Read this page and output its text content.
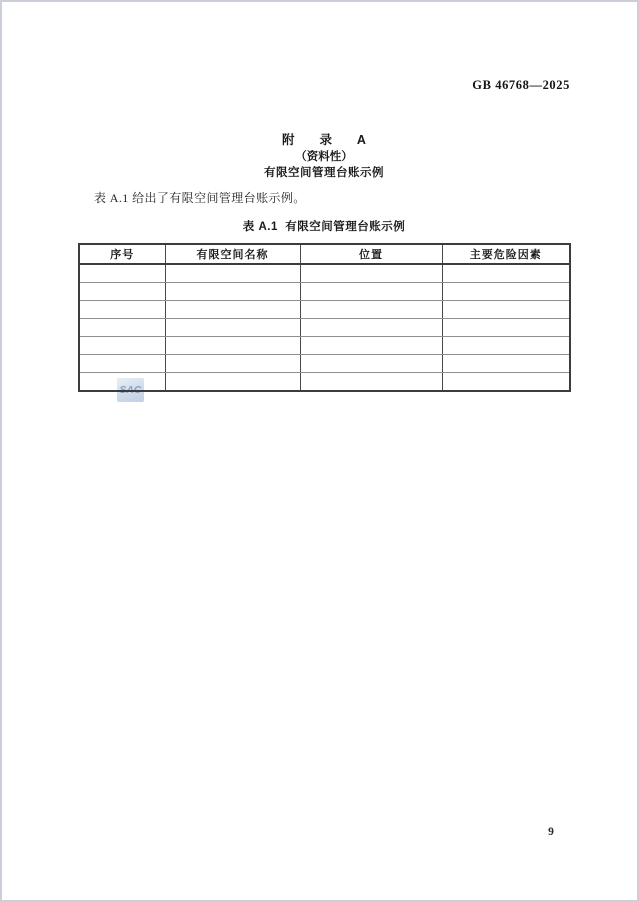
GB 46768—2025
附  录  A
（资料性）
有限空间管理台账示例

表 A.1 给出了有限空间管理台账示例。

表 A.1  有限空间管理台账示例
SAC
序号	有限空间名称	位置	主要危险因素

9
